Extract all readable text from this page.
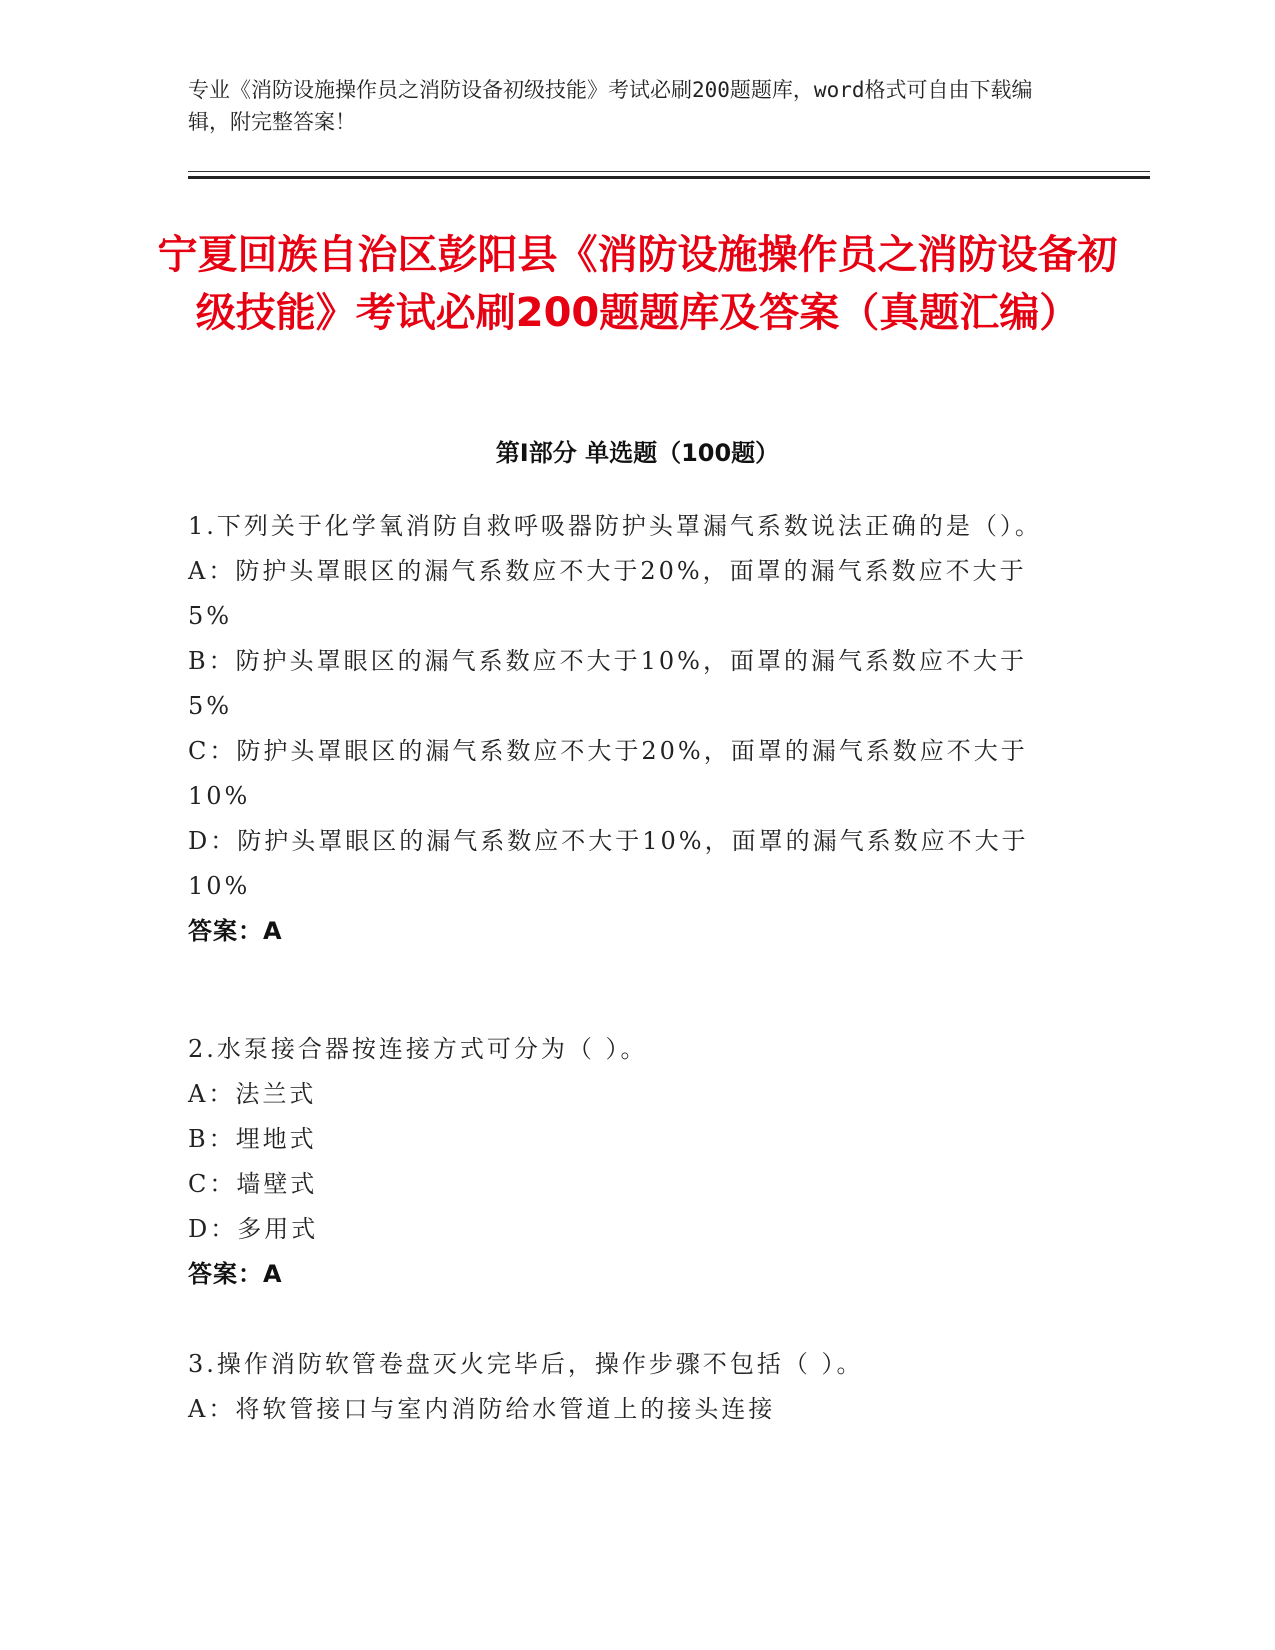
专业《消防设施操作员之消防设备初级技能》考试必刷200题题库，word格式可自由下载编辑，附完整答案！
宁夏回族自治区彭阳县《消防设施操作员之消防设备初级技能》考试必刷200题题库及答案（真题汇编）
第Ⅰ部分 单选题（100题）
1.下列关于化学氧消防自救呼吸器防护头罩漏气系数说法正确的是（）。
A：防护头罩眼区的漏气系数应不大于20%，面罩的漏气系数应不大于5%
B：防护头罩眼区的漏气系数应不大于10%，面罩的漏气系数应不大于5%
C：防护头罩眼区的漏气系数应不大于20%，面罩的漏气系数应不大于10%
D：防护头罩眼区的漏气系数应不大于10%，面罩的漏气系数应不大于10%
答案：A
2.水泵接合器按连接方式可分为（ ）。
A：法兰式
B：埋地式
C：墙壁式
D：多用式
答案：A
3.操作消防软管卷盘灭火完毕后，操作步骤不包括（ ）。
A：将软管接口与室内消防给水管道上的接头连接
